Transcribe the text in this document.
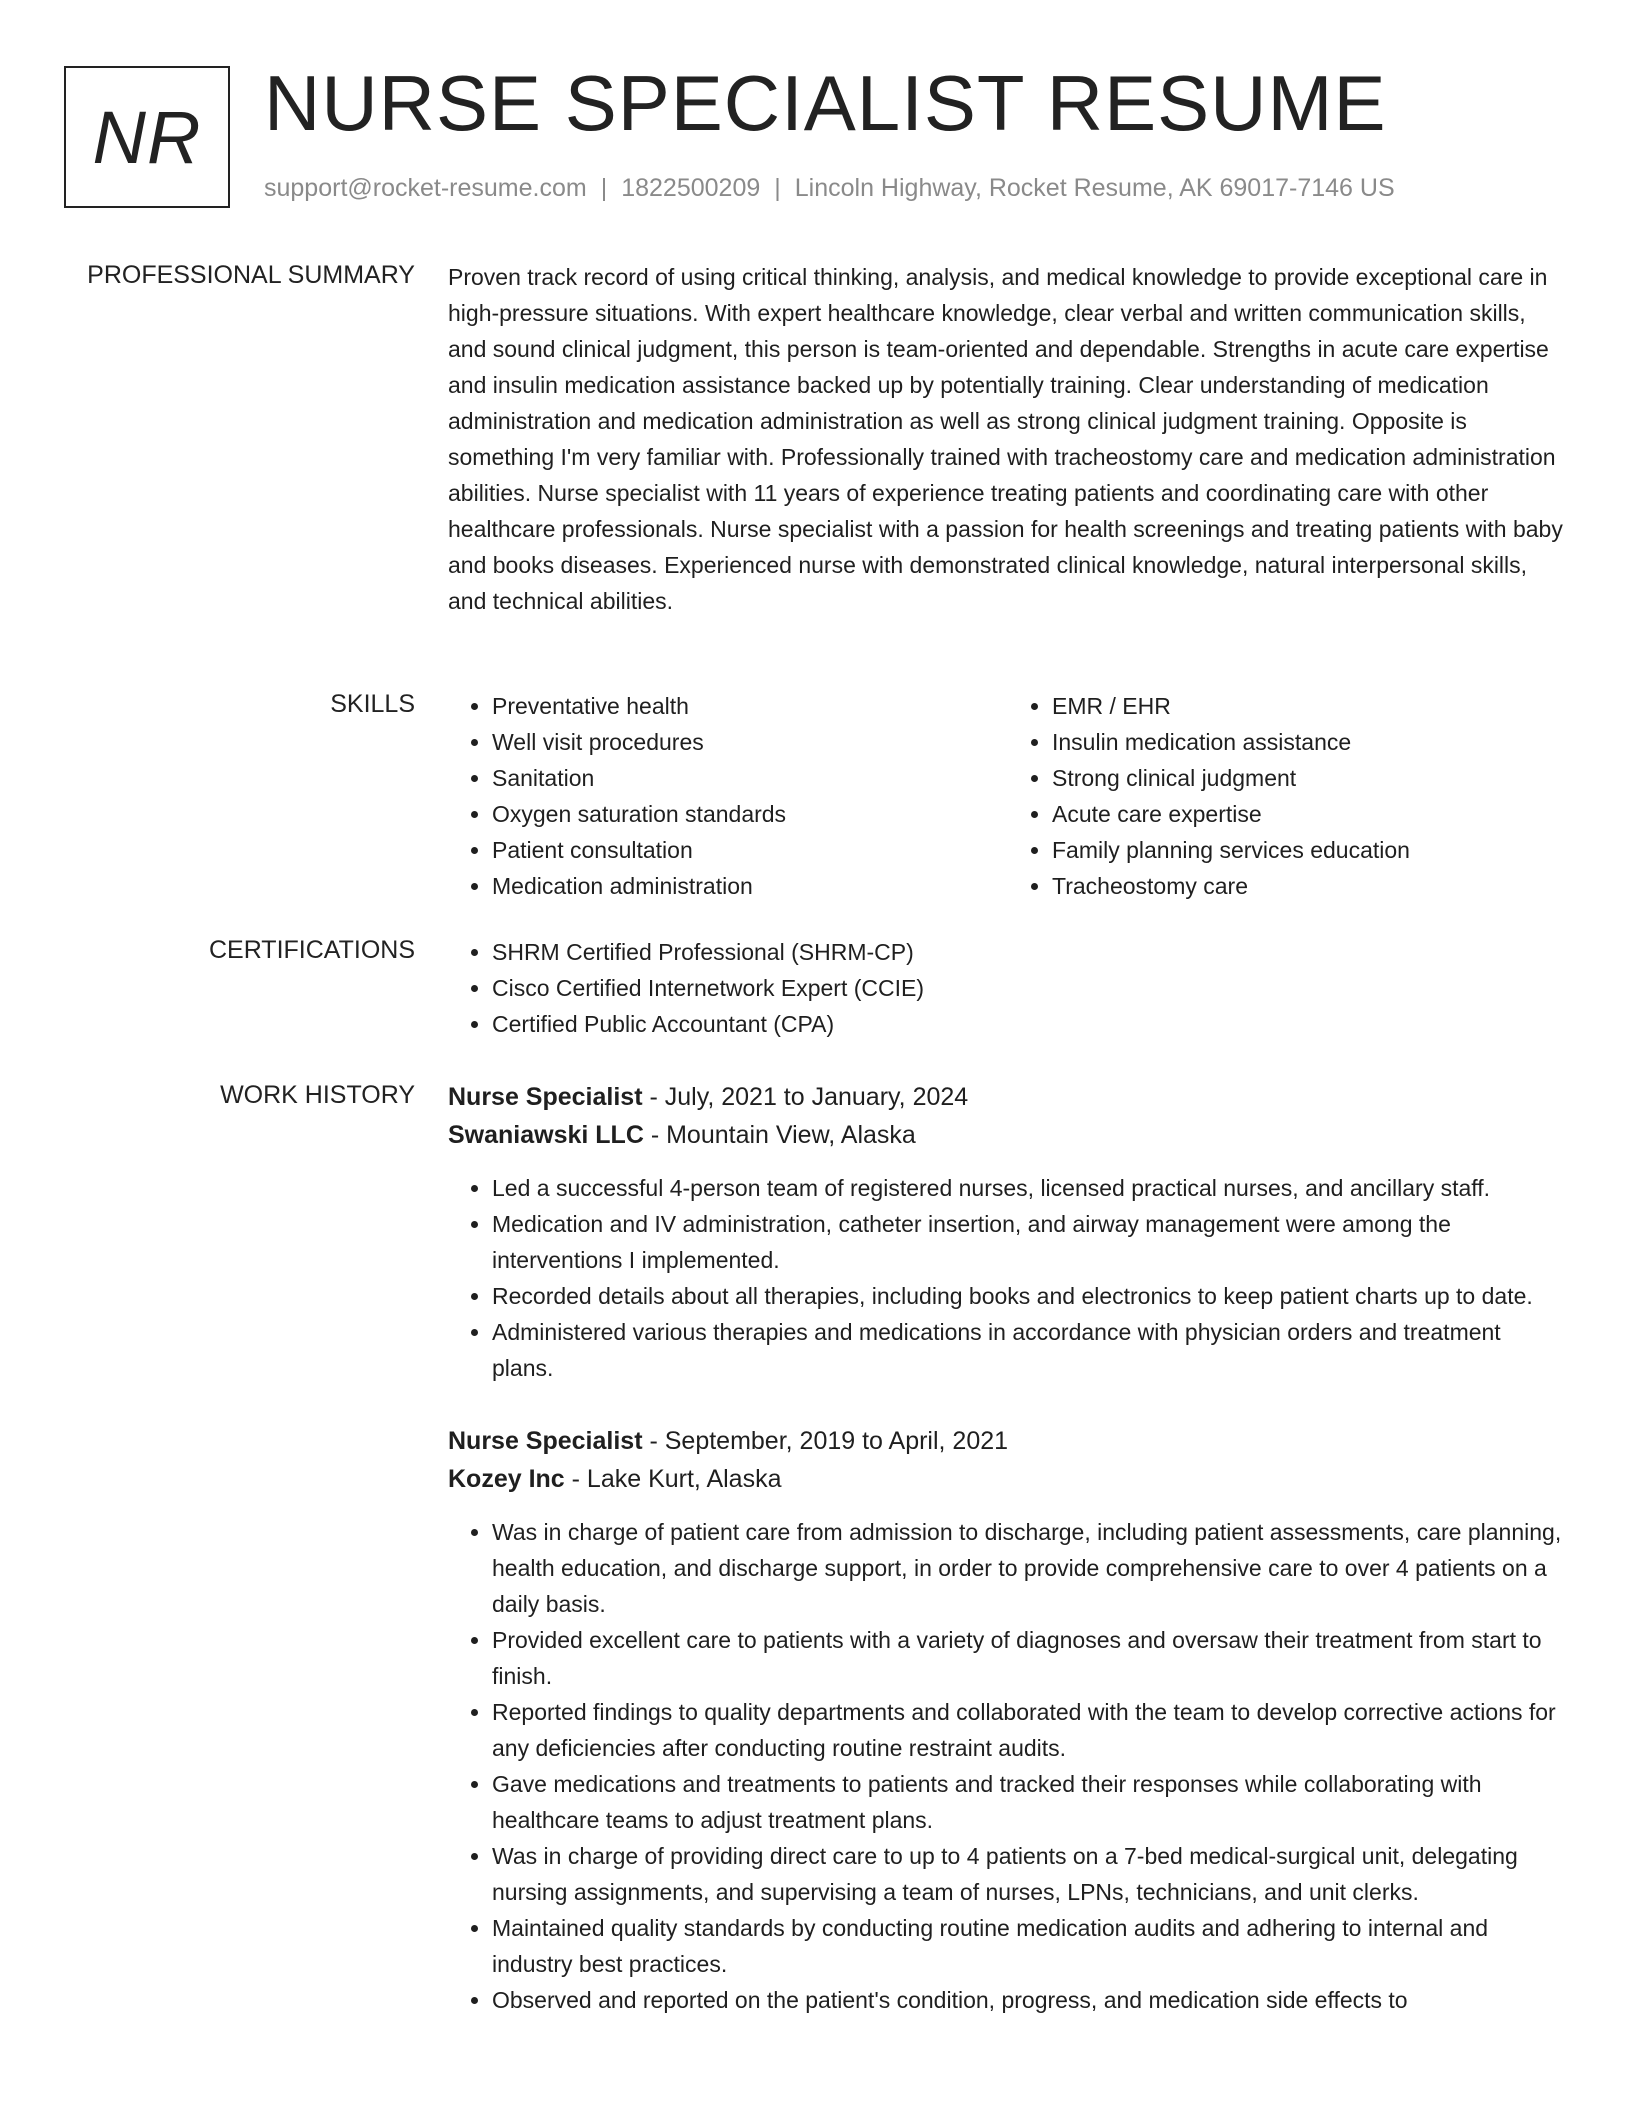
NR NURSE SPECIALIST RESUME
support@rocket-resume.com | 1822500209 | Lincoln Highway, Rocket Resume, AK 69017-7146 US
PROFESSIONAL SUMMARY Proven track record of using critical thinking, analysis, and medical knowledge to provide exceptional care in high-pressure situations. With expert healthcare knowledge, clear verbal and written communication skills, and sound clinical judgment, this person is team-oriented and dependable. Strengths in acute care expertise and insulin medication assistance backed up by potentially training. Clear understanding of medication administration and medication administration as well as strong clinical judgment training. Opposite is something I'm very familiar with. Professionally trained with tracheostomy care and medication administration abilities. Nurse specialist with 11 years of experience treating patients and coordinating care with other healthcare professionals. Nurse specialist with a passion for health screenings and treating patients with baby and books diseases. Experienced nurse with demonstrated clinical knowledge, natural interpersonal skills, and technical abilities.
SKILLS	• Preventative health
• Well visit procedures
• Sanitation
• Oxygen saturation standards
• Patient consultation
• Medication administration
• EMR / EHR
• Insulin medication assistance
• Strong clinical judgment
• Acute care expertise
• Family planning services education
• Tracheostomy care
CERTIFICATIONS	• SHRM Certified Professional (SHRM-CP)
• Cisco Certified Internetwork Expert (CCIE)
• Certified Public Accountant (CPA)
WORK HISTORY Nurse Specialist - July, 2021 to January, 2024
Swaniawski LLC - Mountain View, Alaska
• Led a successful 4-person team of registered nurses, licensed practical nurses, and ancillary staff.
• Medication and IV administration, catheter insertion, and airway management were among the interventions I implemented.
• Recorded details about all therapies, including books and electronics to keep patient charts up to date.
• Administered various therapies and medications in accordance with physician orders and treatment plans.
Nurse Specialist - September, 2019 to April, 2021
Kozey Inc - Lake Kurt, Alaska
• Was in charge of patient care from admission to discharge, including patient assessments, care planning, health education, and discharge support, in order to provide comprehensive care to over 4 patients on a daily basis.
• Provided excellent care to patients with a variety of diagnoses and oversaw their treatment from start to finish.
• Reported findings to quality departments and collaborated with the team to develop corrective actions for any deficiencies after conducting routine restraint audits.
• Gave medications and treatments to patients and tracked their responses while collaborating with healthcare teams to adjust treatment plans.
• Was in charge of providing direct care to up to 4 patients on a 7-bed medical-surgical unit, delegating nursing assignments, and supervising a team of nurses, LPNs, technicians, and unit clerks.
• Maintained quality standards by conducting routine medication audits and adhering to internal and industry best practices.
• Observed and reported on the patient's condition, progress, and medication side effects to
